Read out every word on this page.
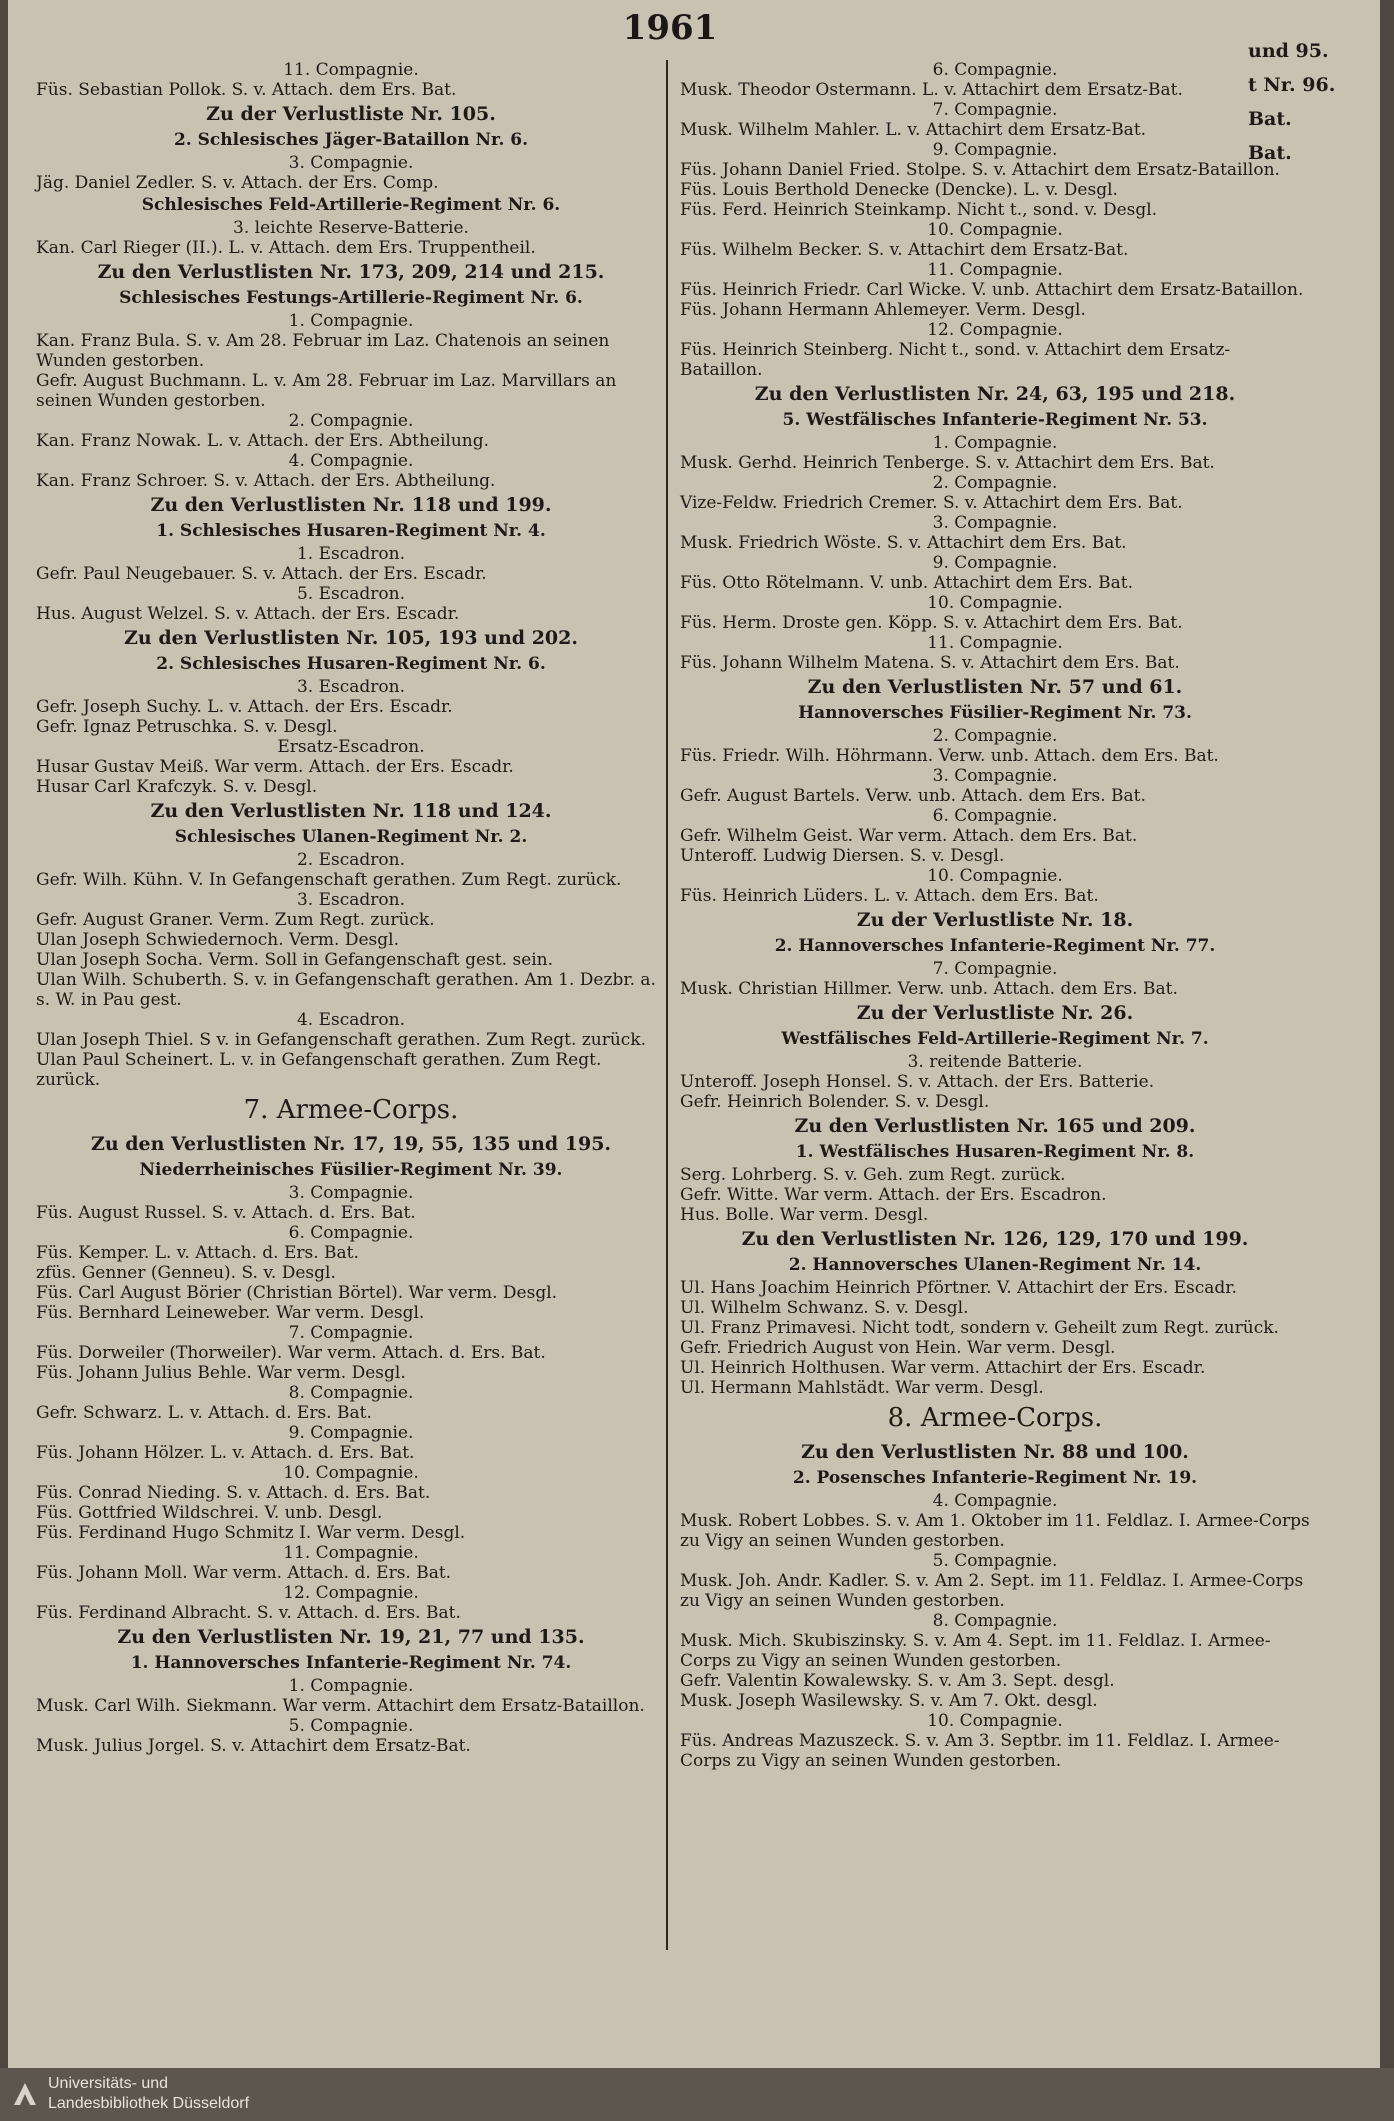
1961
und 95.
t Nr. 96.
Bat.
Bat.
11. Compagnie.
Füs. Sebastian Pollok. S. v. Attach. dem Ers. Bat.
Zu der Verlustliste Nr. 105.
2. Schlesisches Jäger-Bataillon Nr. 6.
3. Compagnie.
Jäg. Daniel Zedler. S. v. Attach. der Ers. Comp.
Schlesisches Feld-Artillerie-Regiment Nr. 6.
3. leichte Reserve-Batterie.
Kan. Carl Rieger (II.). L. v. Attach. dem Ers. Truppentheil.
Zu den Verlustlisten Nr. 173, 209, 214 und 215.
Schlesisches Festungs-Artillerie-Regiment Nr. 6.
1. Compagnie.
Kan. Franz Bula. S. v. Am 28. Februar im Laz. Chatenois an seinen Wunden gestorben.
Gefr. August Buchmann. L. v. Am 28. Februar im Laz. Marvillars an seinen Wunden gestorben.
2. Compagnie.
Kan. Franz Nowak. L. v. Attach. der Ers. Abtheilung.
4. Compagnie.
Kan. Franz Schroer. S. v. Attach. der Ers. Abtheilung.
Zu den Verlustlisten Nr. 118 und 199.
1. Schlesisches Husaren-Regiment Nr. 4.
1. Escadron.
Gefr. Paul Neugebauer. S. v. Attach. der Ers. Escadr.
5. Escadron.
Hus. August Welzel. S. v. Attach. der Ers. Escadr.
Zu den Verlustlisten Nr. 105, 193 und 202.
2. Schlesisches Husaren-Regiment Nr. 6.
3. Escadron.
Gefr. Joseph Suchy. L. v. Attach. der Ers. Escadr.
Gefr. Ignaz Petruschka. S. v. Desgl.
Ersatz-Escadron.
Husar Gustav Meiß. War verm. Attach. der Ers. Escadr.
Husar Carl Krafczyk. S. v. Desgl.
Zu den Verlustlisten Nr. 118 und 124.
Schlesisches Ulanen-Regiment Nr. 2.
2. Escadron.
Gefr. Wilh. Kühn. V. In Gefangenschaft gerathen. Zum Regt. zurück.
3. Escadron.
Gefr. August Graner. Verm. Zum Regt. zurück.
Ulan Joseph Schwiedernoch. Verm. Desgl.
Ulan Joseph Socha. Verm. Soll in Gefangenschaft gest. sein.
Ulan Wilh. Schuberth. S. v. in Gefangenschaft gerathen. Am 1. Dezbr. a. s. W. in Pau gest.
4. Escadron.
Ulan Joseph Thiel. S v. in Gefangenschaft gerathen. Zum Regt. zurück.
Ulan Paul Scheinert. L. v. in Gefangenschaft gerathen. Zum Regt. zurück.
7. Armee-Corps.
Zu den Verlustlisten Nr. 17, 19, 55, 135 und 195.
Niederrheinisches Füsilier-Regiment Nr. 39.
3. Compagnie.
Füs. August Russel. S. v. Attach. d. Ers. Bat.
6. Compagnie.
Füs. Kemper. L. v. Attach. d. Ers. Bat.
zfüs. Genner (Genneu). S. v. Desgl.
Füs. Carl August Börier (Christian Börtel). War verm. Desgl.
Füs. Bernhard Leineweber. War verm. Desgl.
7. Compagnie.
Füs. Dorweiler (Thorweiler). War verm. Attach. d. Ers. Bat.
Füs. Johann Julius Behle. War verm. Desgl.
8. Compagnie.
Gefr. Schwarz. L. v. Attach. d. Ers. Bat.
9. Compagnie.
Füs. Johann Hölzer. L. v. Attach. d. Ers. Bat.
10. Compagnie.
Füs. Conrad Nieding. S. v. Attach. d. Ers. Bat.
Füs. Gottfried Wildschrei. V. unb. Desgl.
Füs. Ferdinand Hugo Schmitz I. War verm. Desgl.
11. Compagnie.
Füs. Johann Moll. War verm. Attach. d. Ers. Bat.
12. Compagnie.
Füs. Ferdinand Albracht. S. v. Attach. d. Ers. Bat.
Zu den Verlustlisten Nr. 19, 21, 77 und 135.
1. Hannoversches Infanterie-Regiment Nr. 74.
1. Compagnie.
Musk. Carl Wilh. Siekmann. War verm. Attachirt dem Ersatz-Bataillon.
5. Compagnie.
Musk. Julius Jorgel. S. v. Attachirt dem Ersatz-Bat.
6. Compagnie.
Musk. Theodor Ostermann. L. v. Attachirt dem Ersatz-Bat.
7. Compagnie.
Musk. Wilhelm Mahler. L. v. Attachirt dem Ersatz-Bat.
9. Compagnie.
Füs. Johann Daniel Fried. Stolpe. S. v. Attachirt dem Ersatz-Bataillon.
Füs. Louis Berthold Denecke (Dencke). L. v. Desgl.
Füs. Ferd. Heinrich Steinkamp. Nicht t., sond. v. Desgl.
10. Compagnie.
Füs. Wilhelm Becker. S. v. Attachirt dem Ersatz-Bat.
11. Compagnie.
Füs. Heinrich Friedr. Carl Wicke. V. unb. Attachirt dem Ersatz-Bataillon.
Füs. Johann Hermann Ahlemeyer. Verm. Desgl.
12. Compagnie.
Füs. Heinrich Steinberg. Nicht t., sond. v. Attachirt dem Ersatz-Bataillon.
Zu den Verlustlisten Nr. 24, 63, 195 und 218.
5. Westfälisches Infanterie-Regiment Nr. 53.
1. Compagnie.
Musk. Gerhd. Heinrich Tenberge. S. v. Attachirt dem Ers. Bat.
2. Compagnie.
Vize-Feldw. Friedrich Cremer. S. v. Attachirt dem Ers. Bat.
3. Compagnie.
Musk. Friedrich Wöste. S. v. Attachirt dem Ers. Bat.
9. Compagnie.
Füs. Otto Rötelmann. V. unb. Attachirt dem Ers. Bat.
10. Compagnie.
Füs. Herm. Droste gen. Köpp. S. v. Attachirt dem Ers. Bat.
11. Compagnie.
Füs. Johann Wilhelm Matena. S. v. Attachirt dem Ers. Bat.
Zu den Verlustlisten Nr. 57 und 61.
Hannoversches Füsilier-Regiment Nr. 73.
2. Compagnie.
Füs. Friedr. Wilh. Höhrmann. Verw. unb. Attach. dem Ers. Bat.
3. Compagnie.
Gefr. August Bartels. Verw. unb. Attach. dem Ers. Bat.
6. Compagnie.
Gefr. Wilhelm Geist. War verm. Attach. dem Ers. Bat.
Unteroff. Ludwig Diersen. S. v. Desgl.
10. Compagnie.
Füs. Heinrich Lüders. L. v. Attach. dem Ers. Bat.
Zu der Verlustliste Nr. 18.
2. Hannoversches Infanterie-Regiment Nr. 77.
7. Compagnie.
Musk. Christian Hillmer. Verw. unb. Attach. dem Ers. Bat.
Zu der Verlustliste Nr. 26.
Westfälisches Feld-Artillerie-Regiment Nr. 7.
3. reitende Batterie.
Unteroff. Joseph Honsel. S. v. Attach. der Ers. Batterie.
Gefr. Heinrich Bolender. S. v. Desgl.
Zu den Verlustlisten Nr. 165 und 209.
1. Westfälisches Husaren-Regiment Nr. 8.
Serg. Lohrberg. S. v. Geh. zum Regt. zurück.
Gefr. Witte. War verm. Attach. der Ers. Escadron.
Hus. Bolle. War verm. Desgl.
Zu den Verlustlisten Nr. 126, 129, 170 und 199.
2. Hannoversches Ulanen-Regiment Nr. 14.
Ul. Hans Joachim Heinrich Pförtner. V. Attachirt der Ers. Escadr.
Ul. Wilhelm Schwanz. S. v. Desgl.
Ul. Franz Primavesi. Nicht todt, sondern v. Geheilt zum Regt. zurück.
Gefr. Friedrich August von Hein. War verm. Desgl.
Ul. Heinrich Holthusen. War verm. Attachirt der Ers. Escadr.
Ul. Hermann Mahlstädt. War verm. Desgl.
8. Armee-Corps.
Zu den Verlustlisten Nr. 88 und 100.
2. Posensches Infanterie-Regiment Nr. 19.
4. Compagnie.
Musk. Robert Lobbes. S. v. Am 1. Oktober im 11. Feldlaz. I. Armee-Corps zu Vigy an seinen Wunden gestorben.
5. Compagnie.
Musk. Joh. Andr. Kadler. S. v. Am 2. Sept. im 11. Feldlaz. I. Armee-Corps zu Vigy an seinen Wunden gestorben.
8. Compagnie.
Musk. Mich. Skubiszinsky. S. v. Am 4. Sept. im 11. Feldlaz. I. Armee-Corps zu Vigy an seinen Wunden gestorben.
Gefr. Valentin Kowalewsky. S. v. Am 3. Sept. desgl.
Musk. Joseph Wasilewsky. S. v. Am 7. Okt. desgl.
10. Compagnie.
Füs. Andreas Mazuszeck. S. v. Am 3. Septbr. im 11. Feldlaz. I. Armee-Corps zu Vigy an seinen Wunden gestorben.
Universitäts- und
Landesbibliothek Düsseldorf
